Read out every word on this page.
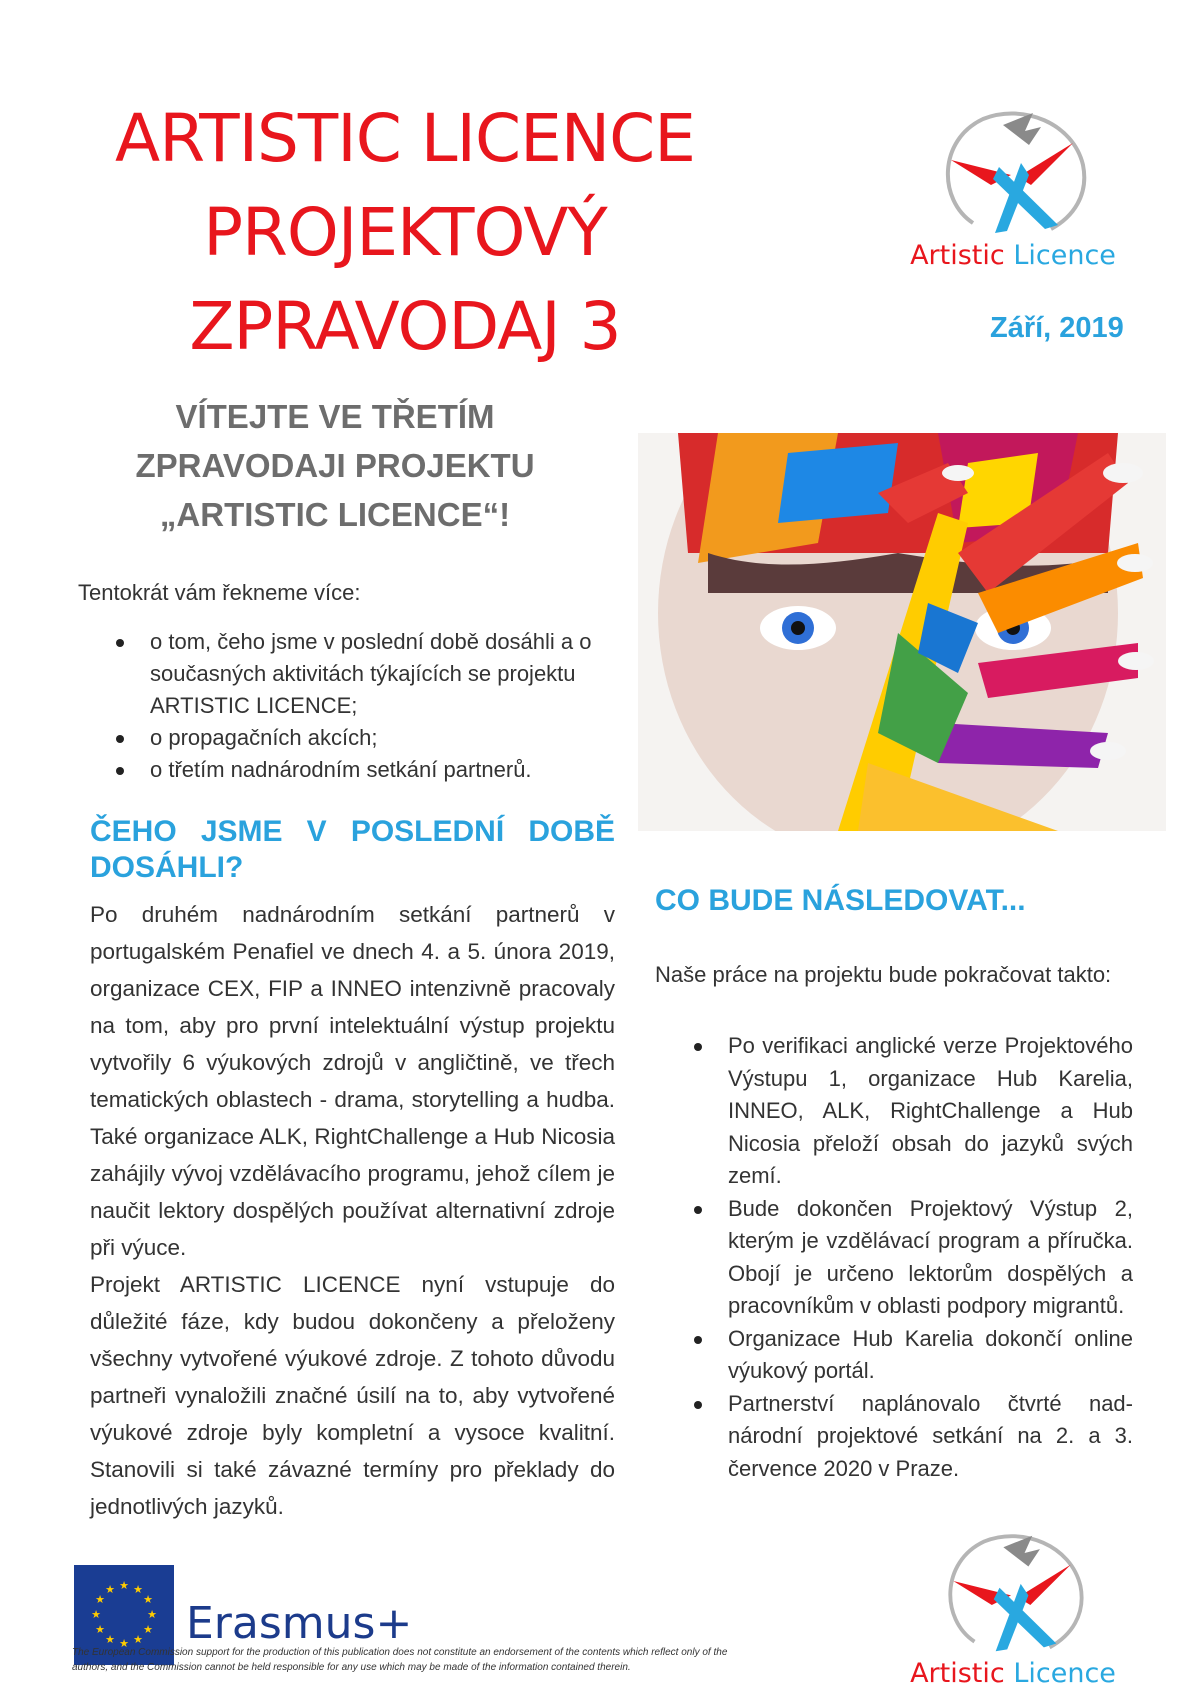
ARTISTIC LICENCE
PROJEKTOVÝ
ZPRAVODAJ 3
Artistic Licence
Září, 2019
VÍTEJTE VE TŘETÍM
ZPRAVODAJI PROJEKTU
„ARTISTIC LICENCE“!
Tentokrát vám řekneme více:
o tom, čeho jsme v poslední době dosáhli a o současných aktivitách týkajících se projektu ARTISTIC LICENCE;
o propagačních akcích;
o třetím nadnárodním setkání partnerů.
ČEHO JSME V POSLEDNÍ DOBĚ DOSÁHLI?

Po druhém nadnárodním setkání partnerů v portugalském Penafiel ve dnech 4. a 5. února 2019, organizace CEX, FIP a INNEO intenzivně pracovaly na tom, aby pro první intelektuální výstup projektu vytvořily 6 výukových zdrojů v angličtině, ve třech tematických oblastech - drama, storytelling a hudba. Také organizace ALK, RightChallenge a Hub Nicosia zahájily vývoj vzdělávacího programu, jehož cílem je naučit lektory dospělých používat alternativní zdroje při výuce.

Projekt ARTISTIC LICENCE nyní vstupuje do důležité fáze, kdy budou dokončeny a přeloženy všechny vytvořené výukové zdroje. Z tohoto důvodu partneři vynaložili značné úsilí na to, aby vytvořené výukové zdroje byly kompletní a vysoce kvalitní. Stanovili si také závazné termíny pro překlady do jednotlivých jazyků.

CO BUDE NÁSLEDOVAT...
Naše práce na projektu bude pokračovat takto:
Po verifikaci anglické verze Projektového Výstupu 1, organizace Hub Karelia, INNEO, ALK, RightChallenge a Hub Nicosia přeloží obsah do jazyků svých zemí.
Bude dokončen Projektový Výstup 2, kterým je vzdělávací program a příručka. Obojí je určeno lektorům dospělých a pracovníkům v oblasti podpory migrantů.
Organizace Hub Karelia dokončí online výukový portál.
Partnerství naplánovalo čtvrté nad-národní projektové setkání na 2. a 3. července 2020 v Praze.
★ ★
★
★
★
★
★
★
★
★
★
★
Erasmus+
The European Commission support for the production of this publication does not constitute an endorsement of the contents which reflect only of the
authors, and the Commission cannot be held responsible for any use which may be made of the information contained therein.	Artistic Licence
